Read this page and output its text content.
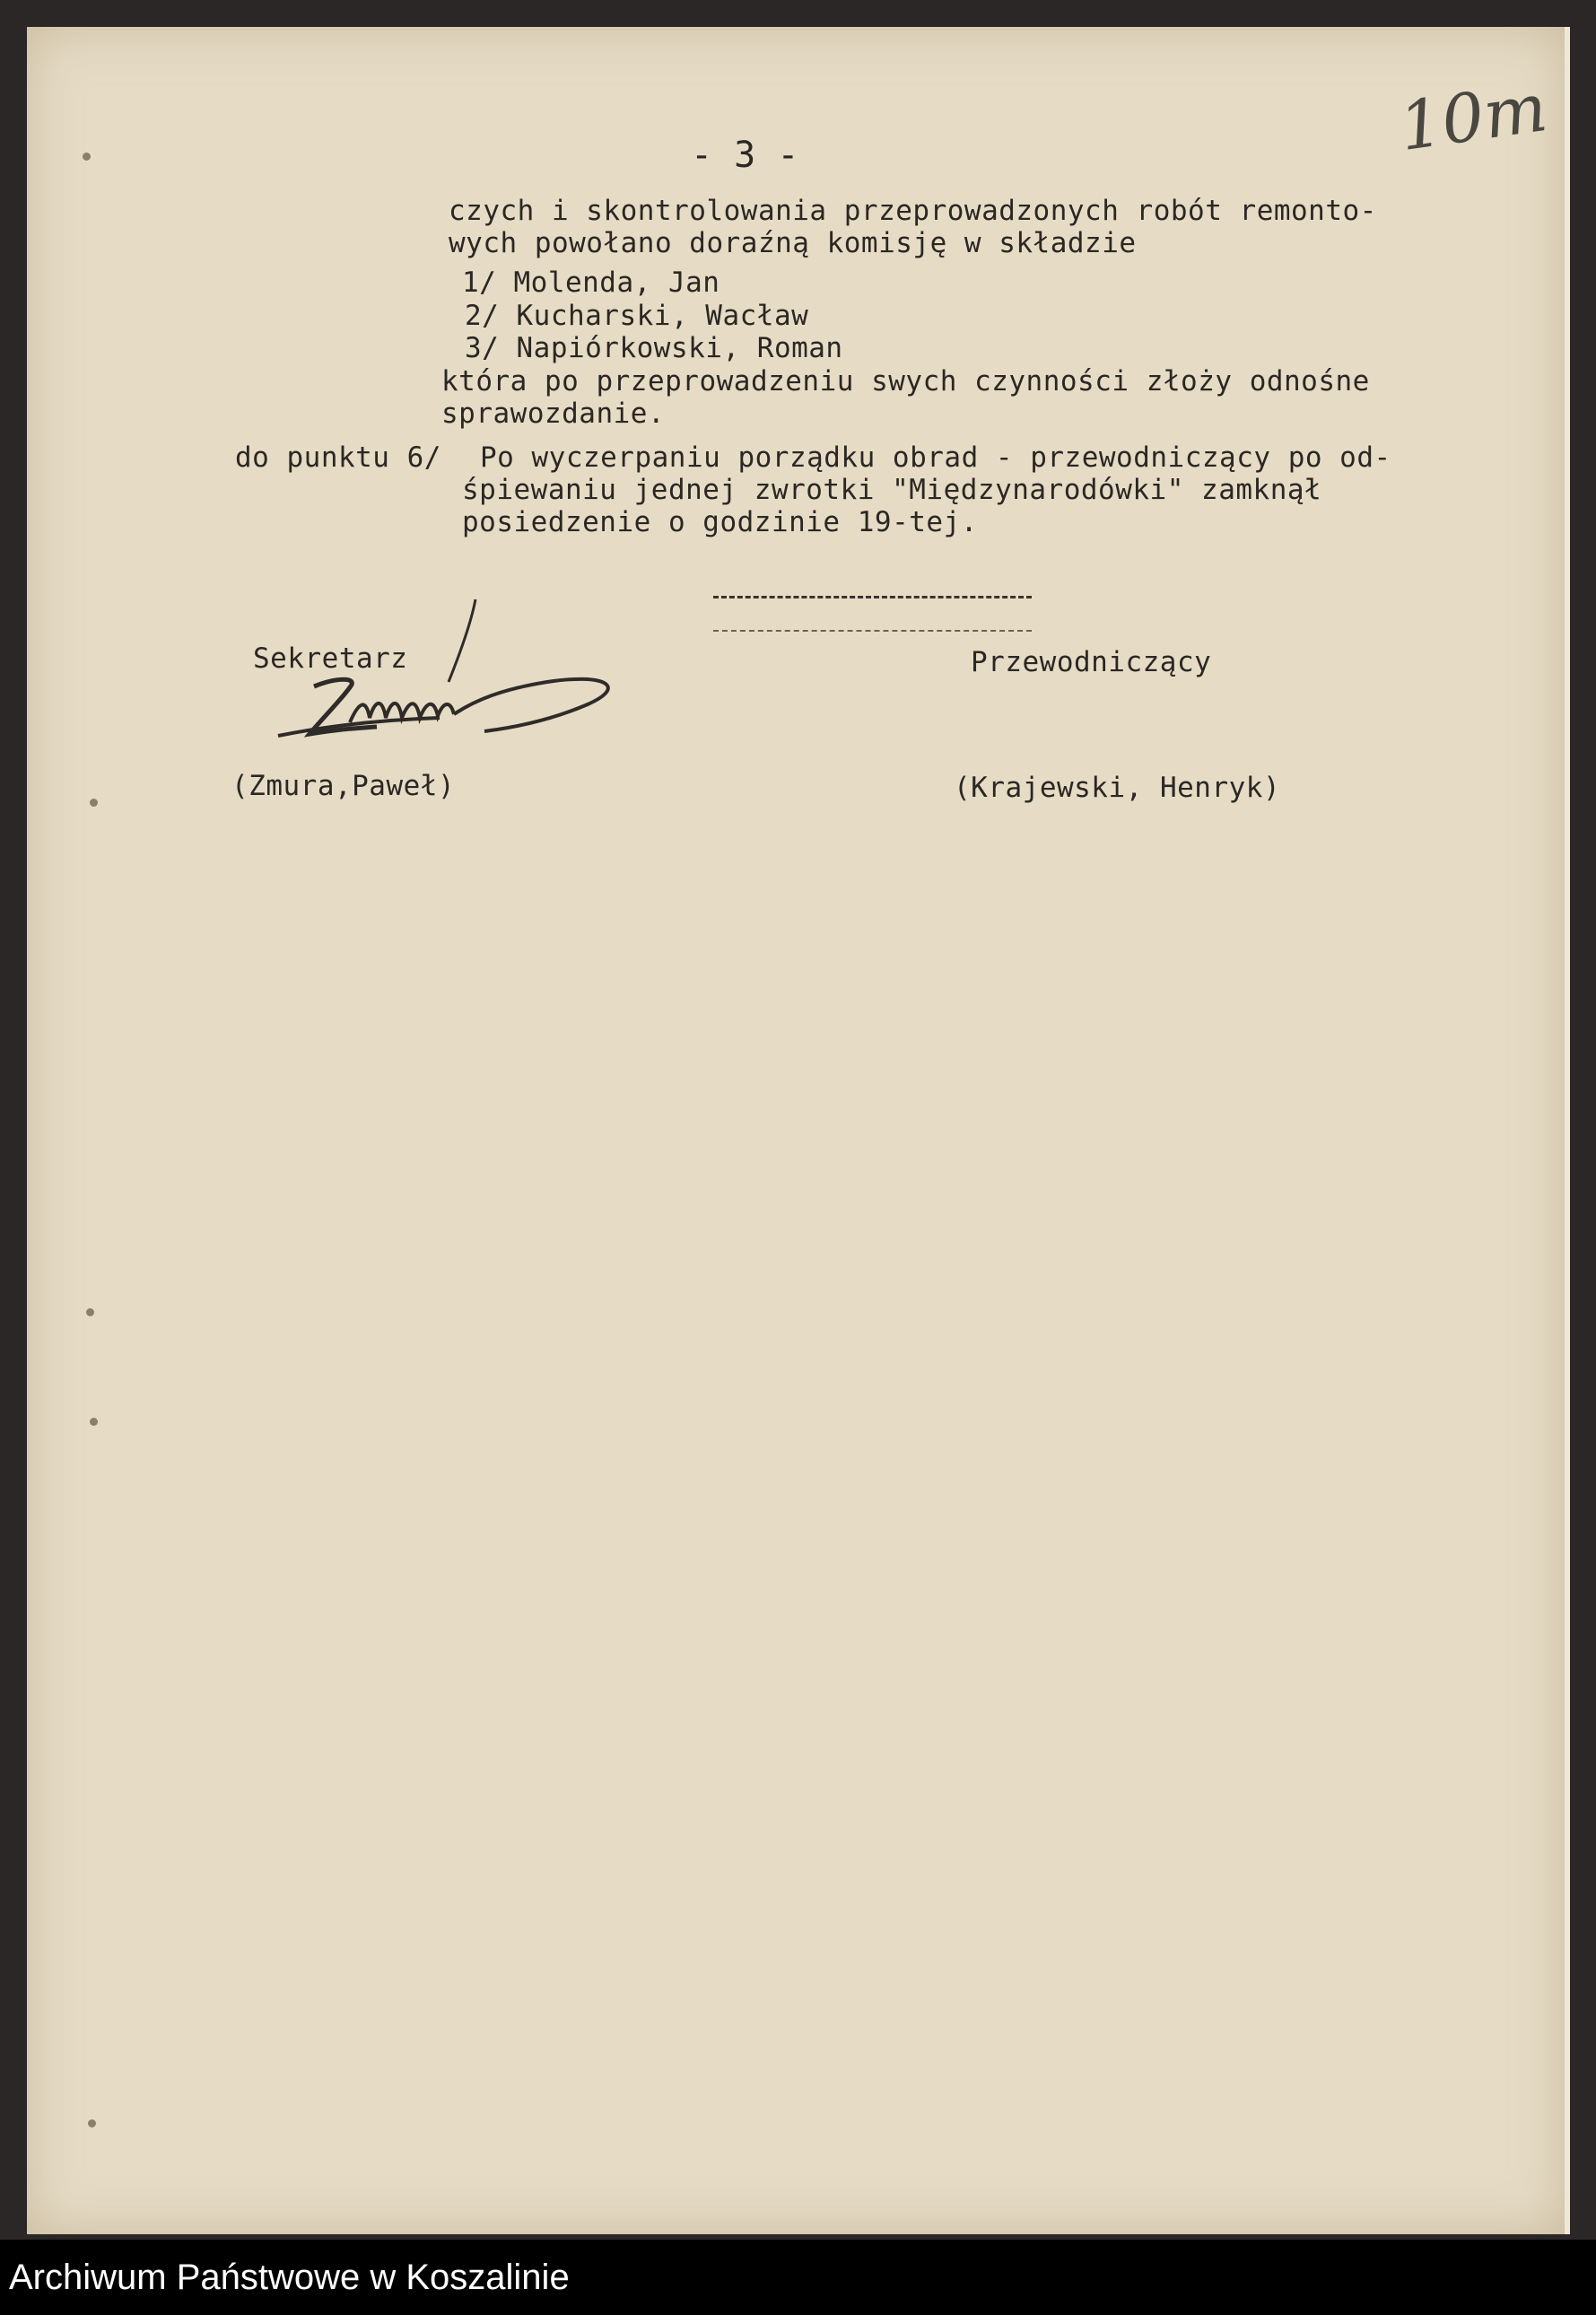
- 3 -	10m
czych i skontrolowania przeprowadzonych robót remonto-
wych powołano doraźną komisję w składzie
1/ Molenda, Jan
2/ Kucharski, Wacław
3/ Napiórkowski, Roman
która po przeprowadzeniu swych czynności złoży odnośne
sprawozdanie.
do punktu 6/ Po wyczerpaniu porządku obrad - przewodniczący po od-
śpiewaniu jednej zwrotki "Międzynarodówki" zamknął
posiedzenie o godzinie 19-tej.
Sekretarz	Przewodniczący
Zmura
(Zmura,Paweł)	(Krajewski, Henryk)
Archiwum Państwowe w Koszalinie
